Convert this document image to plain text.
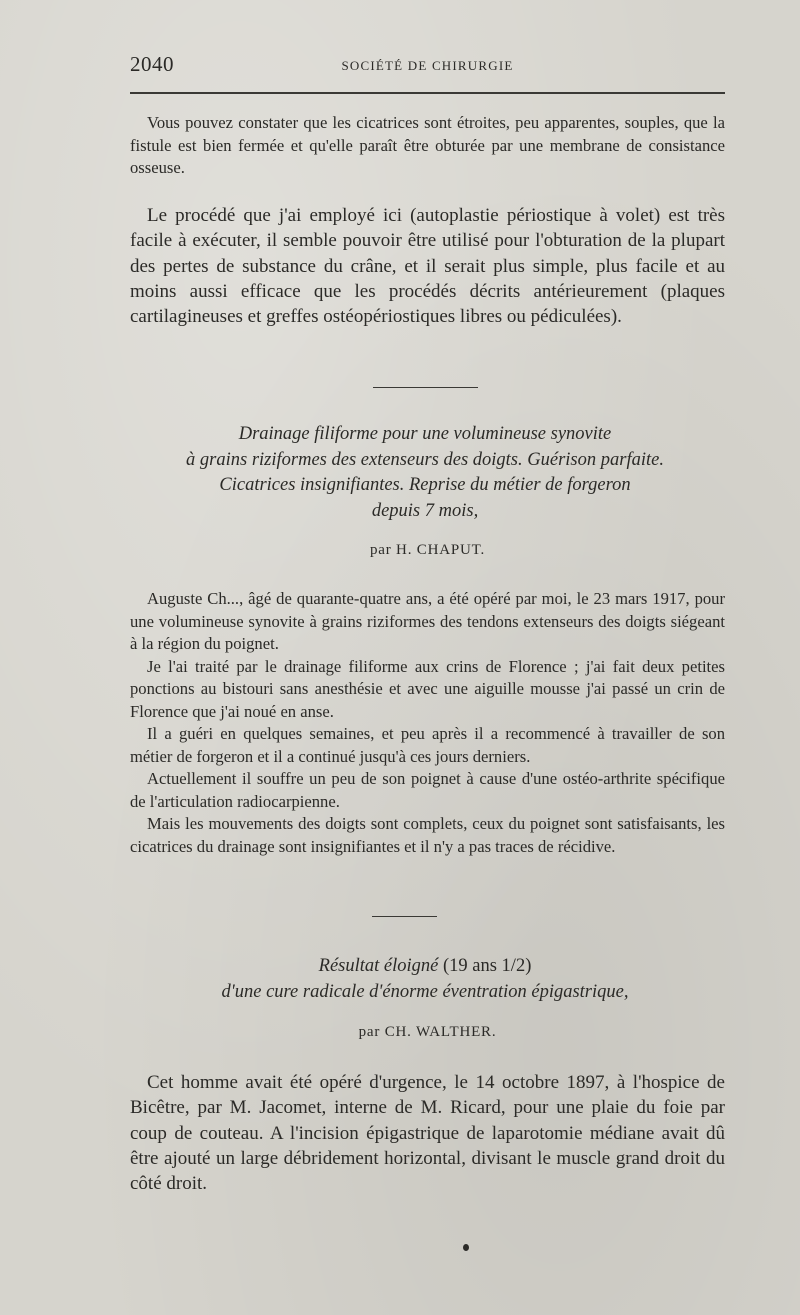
2040	SOCIÉTÉ DE CHIRURGIE

Vous pouvez constater que les cicatrices sont étroites, peu apparentes, souples, que la fistule est bien fermée et qu'elle paraît être obturée par une membrane de consistance osseuse.

Le procédé que j'ai employé ici (autoplastie périostique à volet) est très facile à exécuter, il semble pouvoir être utilisé pour l'obturation de la plupart des pertes de substance du crâne, et il serait plus simple, plus facile et au moins aussi efficace que les procédés décrits antérieurement (plaques cartilagineuses et greffes ostéopériostiques libres ou pédiculées).

Drainage filiforme pour une volumineuse synovite
à grains riziformes des extenseurs des doigts. Guérison parfaite.
Cicatrices insignifiantes. Reprise du métier de forgeron
depuis 7 mois,
par H. CHAPUT.

Auguste Ch..., âgé de quarante-quatre ans, a été opéré par moi, le 23 mars 1917, pour une volumineuse synovite à grains riziformes des tendons extenseurs des doigts siégeant à la région du poignet.

Je l'ai traité par le drainage filiforme aux crins de Florence ; j'ai fait deux petites ponctions au bistouri sans anesthésie et avec une aiguille mousse j'ai passé un crin de Florence que j'ai noué en anse.

Il a guéri en quelques semaines, et peu après il a recommencé à travailler de son métier de forgeron et il a continué jusqu'à ces jours derniers.

Actuellement il souffre un peu de son poignet à cause d'une ostéo-arthrite spécifique de l'articulation radiocarpienne.

Mais les mouvements des doigts sont complets, ceux du poignet sont satisfaisants, les cicatrices du drainage sont insignifiantes et il n'y a pas traces de récidive.

Résultat éloigné (19 ans 1/2)
d'une cure radicale d'énorme éventration épigastrique,
par CH. WALTHER.

Cet homme avait été opéré d'urgence, le 14 octobre 1897, à l'hospice de Bicêtre, par M. Jacomet, interne de M. Ricard, pour une plaie du foie par coup de couteau. A l'incision épigastrique de laparotomie médiane avait dû être ajouté un large débridement horizontal, divisant le muscle grand droit du côté droit.
